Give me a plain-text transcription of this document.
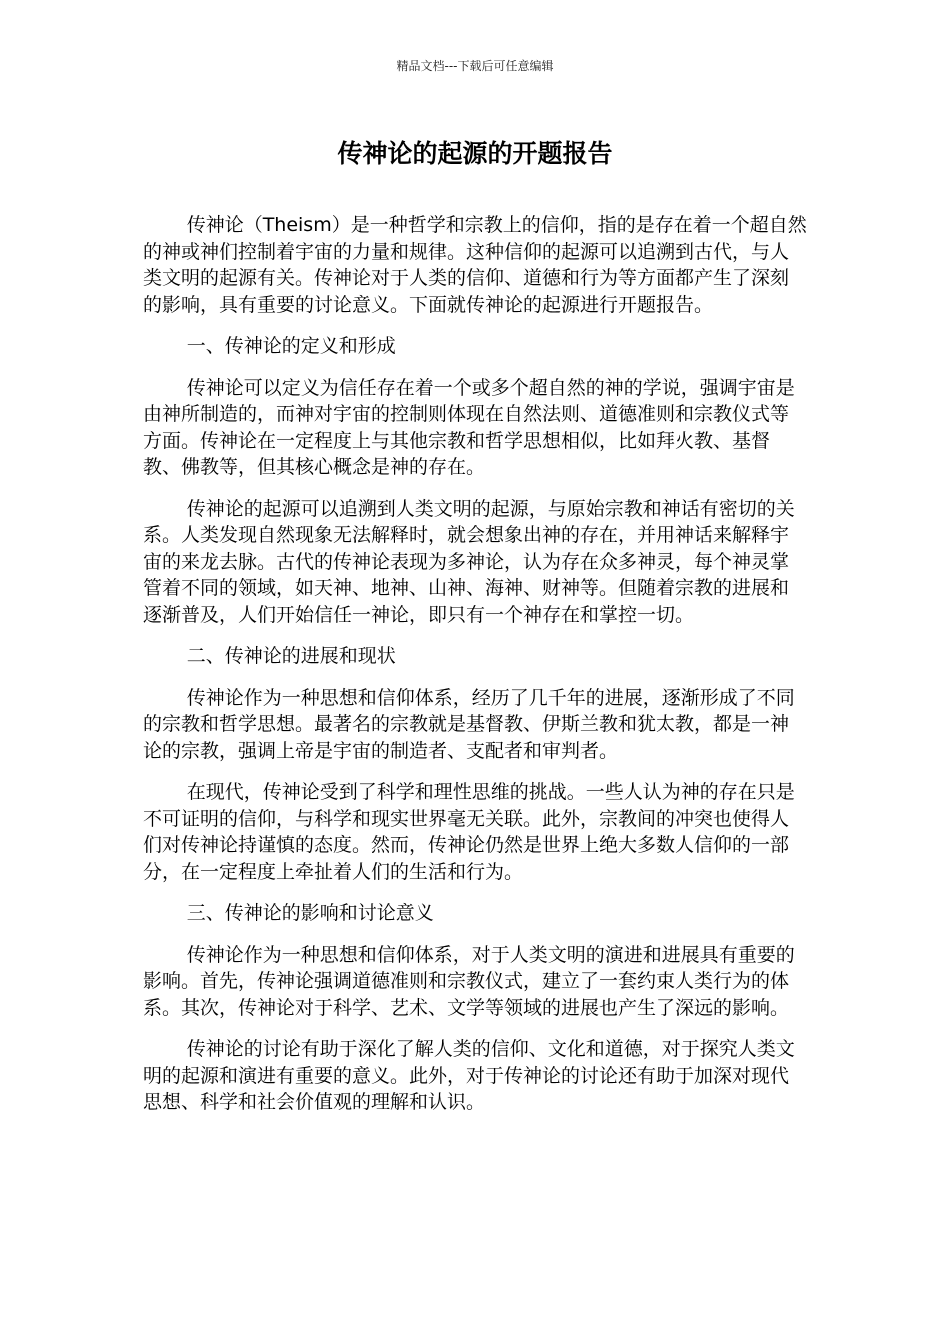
精品文档---下载后可任意编辑
传神论的起源的开题报告

传神论（Theism）是一种哲学和宗教上的信仰，指的是存在着一个超自然的神或神们控制着宇宙的力量和规律。这种信仰的起源可以追溯到古代，与人类文明的起源有关。传神论对于人类的信仰、道德和行为等方面都产生了深刻的影响，具有重要的讨论意义。下面就传神论的起源进行开题报告。

一、传神论的定义和形成

传神论可以定义为信任存在着一个或多个超自然的神的学说，强调宇宙是由神所制造的，而神对宇宙的控制则体现在自然法则、道德准则和宗教仪式等方面。传神论在一定程度上与其他宗教和哲学思想相似，比如拜火教、基督教、佛教等，但其核心概念是神的存在。

传神论的起源可以追溯到人类文明的起源，与原始宗教和神话有密切的关系。人类发现自然现象无法解释时，就会想象出神的存在，并用神话来解释宇宙的来龙去脉。古代的传神论表现为多神论，认为存在众多神灵，每个神灵掌管着不同的领域，如天神、地神、山神、海神、财神等。但随着宗教的进展和逐渐普及，人们开始信任一神论，即只有一个神存在和掌控一切。

二、传神论的进展和现状

传神论作为一种思想和信仰体系，经历了几千年的进展，逐渐形成了不同的宗教和哲学思想。最著名的宗教就是基督教、伊斯兰教和犹太教，都是一神论的宗教，强调上帝是宇宙的制造者、支配者和审判者。

在现代，传神论受到了科学和理性思维的挑战。一些人认为神的存在只是不可证明的信仰，与科学和现实世界毫无关联。此外，宗教间的冲突也使得人们对传神论持谨慎的态度。然而，传神论仍然是世界上绝大多数人信仰的一部分，在一定程度上牵扯着人们的生活和行为。

三、传神论的影响和讨论意义

传神论作为一种思想和信仰体系，对于人类文明的演进和进展具有重要的影响。首先，传神论强调道德准则和宗教仪式，建立了一套约束人类行为的体系。其次，传神论对于科学、艺术、文学等领域的进展也产生了深远的影响。

传神论的讨论有助于深化了解人类的信仰、文化和道德，对于探究人类文明的起源和演进有重要的意义。此外，对于传神论的讨论还有助于加深对现代思想、科学和社会价值观的理解和认识。
